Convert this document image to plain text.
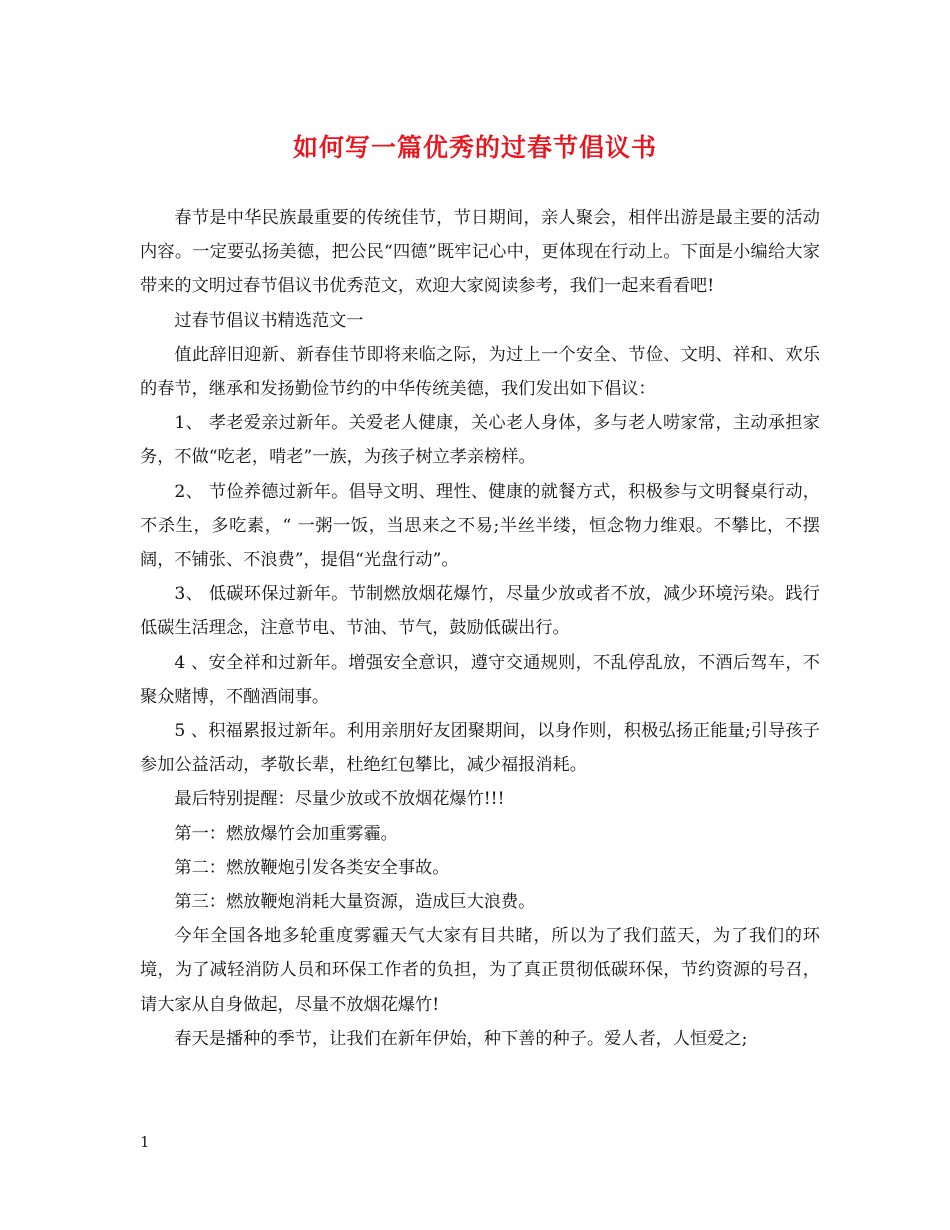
如何写一篇优秀的过春节倡议书

春节是中华民族最重要的传统佳节，节日期间，亲人聚会，相伴出游是最主要的活动内容。一定要弘扬美德，把公民“四德”既牢记心中，更体现在行动上。下面是小编给大家带来的文明过春节倡议书优秀范文，欢迎大家阅读参考，我们一起来看看吧!

过春节倡议书精选范文一

值此辞旧迎新、新春佳节即将来临之际，为过上一个安全、节俭、文明、祥和、欢乐的春节，继承和发扬勤俭节约的中华传统美德，我们发出如下倡议：

1、 孝老爱亲过新年。关爱老人健康，关心老人身体，多与老人唠家常，主动承担家务，不做“吃老，啃老”一族，为孩子树立孝亲榜样。

2、 节俭养德过新年。倡导文明、理性、健康的就餐方式，积极参与文明餐桌行动，不杀生，多吃素，“ 一粥一饭，当思来之不易;半丝半缕，恒念物力维艰。不攀比，不摆阔，不铺张、不浪费”，提倡“光盘行动”。

3、 低碳环保过新年。节制燃放烟花爆竹，尽量少放或者不放，减少环境污染。践行低碳生活理念，注意节电、节油、节气，鼓励低碳出行。

4 、安全祥和过新年。增强安全意识，遵守交通规则，不乱停乱放，不酒后驾车，不聚众赌博，不酗酒闹事。

5 、积福累报过新年。利用亲朋好友团聚期间，以身作则，积极弘扬正能量;引导孩子参加公益活动，孝敬长辈，杜绝红包攀比，减少福报消耗。

最后特别提醒：尽量少放或不放烟花爆竹!!!

第一：燃放爆竹会加重雾霾。

第二：燃放鞭炮引发各类安全事故。

第三：燃放鞭炮消耗大量资源，造成巨大浪费。

今年全国各地多轮重度雾霾天气大家有目共睹，所以为了我们蓝天，为了我们的环境，为了减轻消防人员和环保工作者的负担，为了真正贯彻低碳环保，节约资源的号召，请大家从自身做起，尽量不放烟花爆竹!

春天是播种的季节，让我们在新年伊始，种下善的种子。爱人者，人恒爱之;

1
